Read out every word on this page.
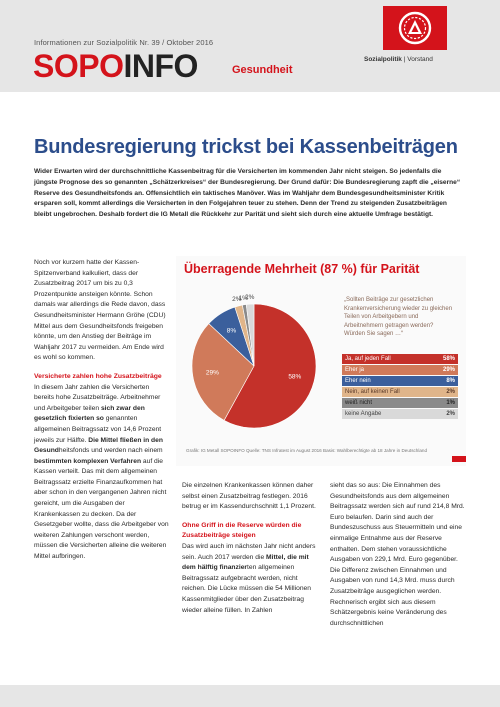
Informationen zur Sozialpolitik Nr. 39 / Oktober 2016
SOPOINFO	Gesundheit
Sozialpolitik | Vorstand
Bundesregierung trickst bei Kassenbeiträgen

Wider Erwarten wird der durchschnittliche Kassenbeitrag für die Versicherten im kommenden Jahr nicht steigen. So jedenfalls die jüngste Prognose des so genannten „Schätzerkreises“ der Bundesregierung. Der Grund dafür: Die Bundesregierung zapft die „eiserne“ Reserve des Gesundheitsfonds an. Offensichtlich ein taktisches Manöver. Was im Wahljahr dem Bundesgesundheitsminister Kritik ersparen soll, kommt allerdings die Versicherten in den Folgejahren teuer zu stehen. Denn der Trend zu steigenden Zusatzbeiträgen bleibt ungebrochen. Deshalb fordert die IG Metall die Rückkehr zur Parität und sieht sich durch eine aktuelle Umfrage bestätigt.

Noch vor kurzem hatte der Kassen-Spitzenverband kalkuliert, dass der Zusatzbeitrag 2017 um bis zu 0,3 Prozentpunkte ansteigen könnte. Schon damals war allerdings die Rede davon, dass Gesundheitsminister Hermann Gröhe (CDU) Mittel aus dem Gesundheitsfonds freigeben könnte, um den Anstieg der Beiträge im Wahljahr 2017 zu vermeiden. Am Ende wird es wohl so kommen.

Versicherte zahlen hohe Zusatzbeiträge

In diesem Jahr zahlen die Versicherten bereits hohe Zusatzbeiträge. Arbeitnehmer und Arbeitgeber teilen sich zwar den gesetzlich fixierten so genannten allgemeinen Beitragssatz von 14,6 Prozent jeweils zur Hälfte. Die Mittel fließen in den Gesundheitsfonds und werden nach einem bestimmten komplexen Verfahren auf die Kassen verteilt. Das mit dem allgemeinen Beitragssatz erzielte Finanzaufkommen hat aber schon in den vergangenen Jahren nicht gereicht, um die Ausgaben der Krankenkassen zu decken. Da der Gesetzgeber wollte, dass die Arbeitgeber von weiteren Zahlungen verschont werden, müssen die Versicherten alleine die weiteren Mittel aufbringen.

Überragende Mehrheit (87 %) für Parität
58%
29%
8%
2%
1%
2%	„Sollten Beiträge zur gesetzlichen Krankenversicherung wieder zu gleichen Teilen von Arbeitgebern und Arbeitnehmern getragen werden? Würden Sie sagen …“
Ja, auf jeden Fall	58%
Eher ja	29%
Eher nein	8%
Nein, auf keinen Fall	2%
weiß nicht	1%
keine Angabe	2%
Grafik: IG Metall SOPOINFO Quelle: TNS Infratest im August 2016 Basis: Wahlberechtigte ab 18 Jahre in Deutschland

Die einzelnen Krankenkassen können daher selbst einen Zusatzbeitrag festlegen. 2016 betrug er im Kassendurchschnitt 1,1 Prozent.

Ohne Griff in die Reserve würden die Zusatzbeiträge steigen

Das wird auch im nächsten Jahr nicht anders sein. Auch 2017 werden die Mittel, die mit dem hälftig finanzierten allgemeinen Beitragssatz aufgebracht werden, nicht reichen. Die Lücke müssen die 54 Millionen Kassenmitglieder über den Zusatzbeitrag wieder alleine füllen. In Zahlen

sieht das so aus: Die Einnahmen des Gesundheitsfonds aus dem allgemeinen Beitragssatz werden sich auf rund 214,8 Mrd. Euro belaufen. Darin sind auch der Bundeszuschuss aus Steuermitteln und eine einmalige Entnahme aus der Reserve enthalten. Dem stehen voraussichtliche Ausgaben von 229,1 Mrd. Euro gegenüber. Die Differenz zwischen Einnahmen und Ausgaben von rund 14,3 Mrd. muss durch Zusatzbeiträge ausgeglichen werden. Rechnerisch ergibt sich aus diesem Schätzergebnis keine Veränderung des durchschnittlichen
